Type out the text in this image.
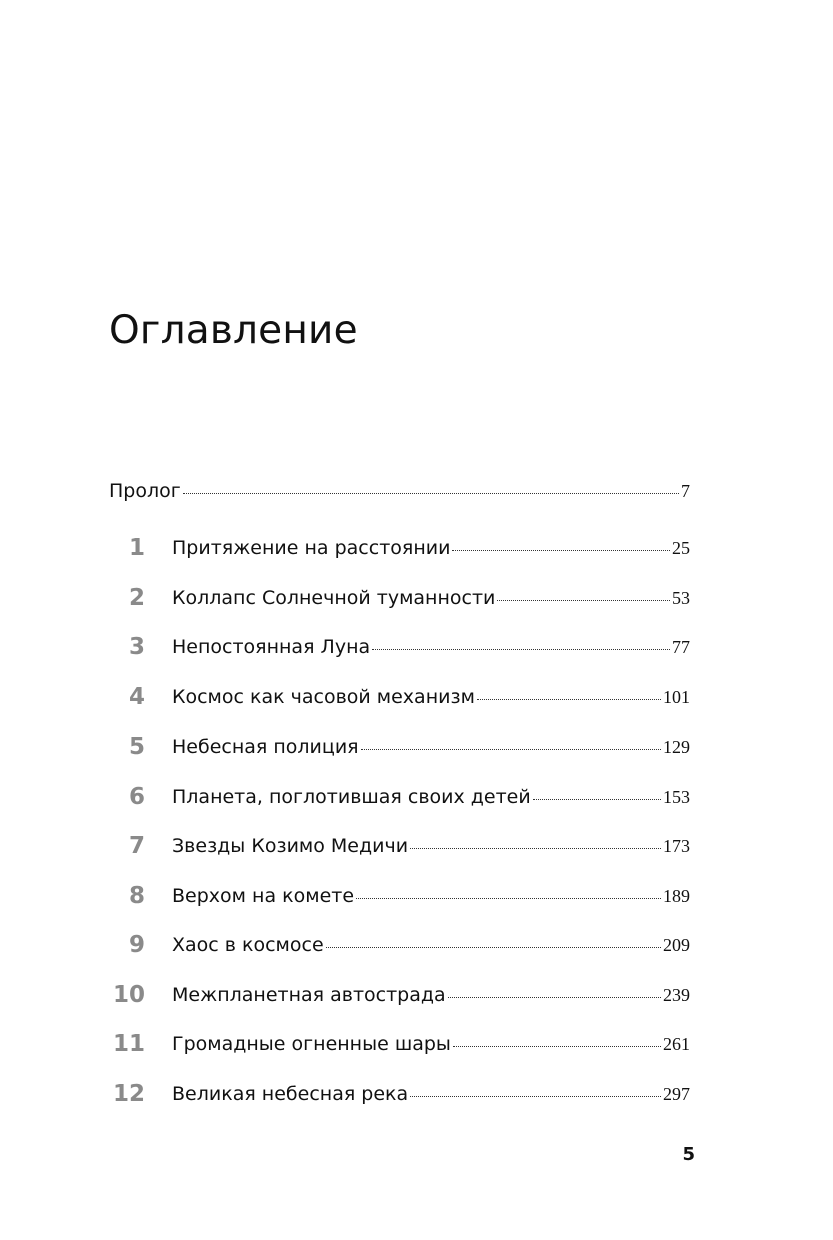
Оглавление
Пролог	7
1 Притяжение на расстоянии	25
2 Коллапс Солнечной туманности	53
3 Непостоянная Луна	77
4 Космос как часовой механизм	101
5 Небесная полиция	129
6 Планета, поглотившая своих детей	153
7 Звезды Козимо Медичи	173
8 Верхом на комете	189
9 Хаос в космосе	209
10 Межпланетная автострада	239
11 Громадные огненные шары	261
12 Великая небесная река	297
5
